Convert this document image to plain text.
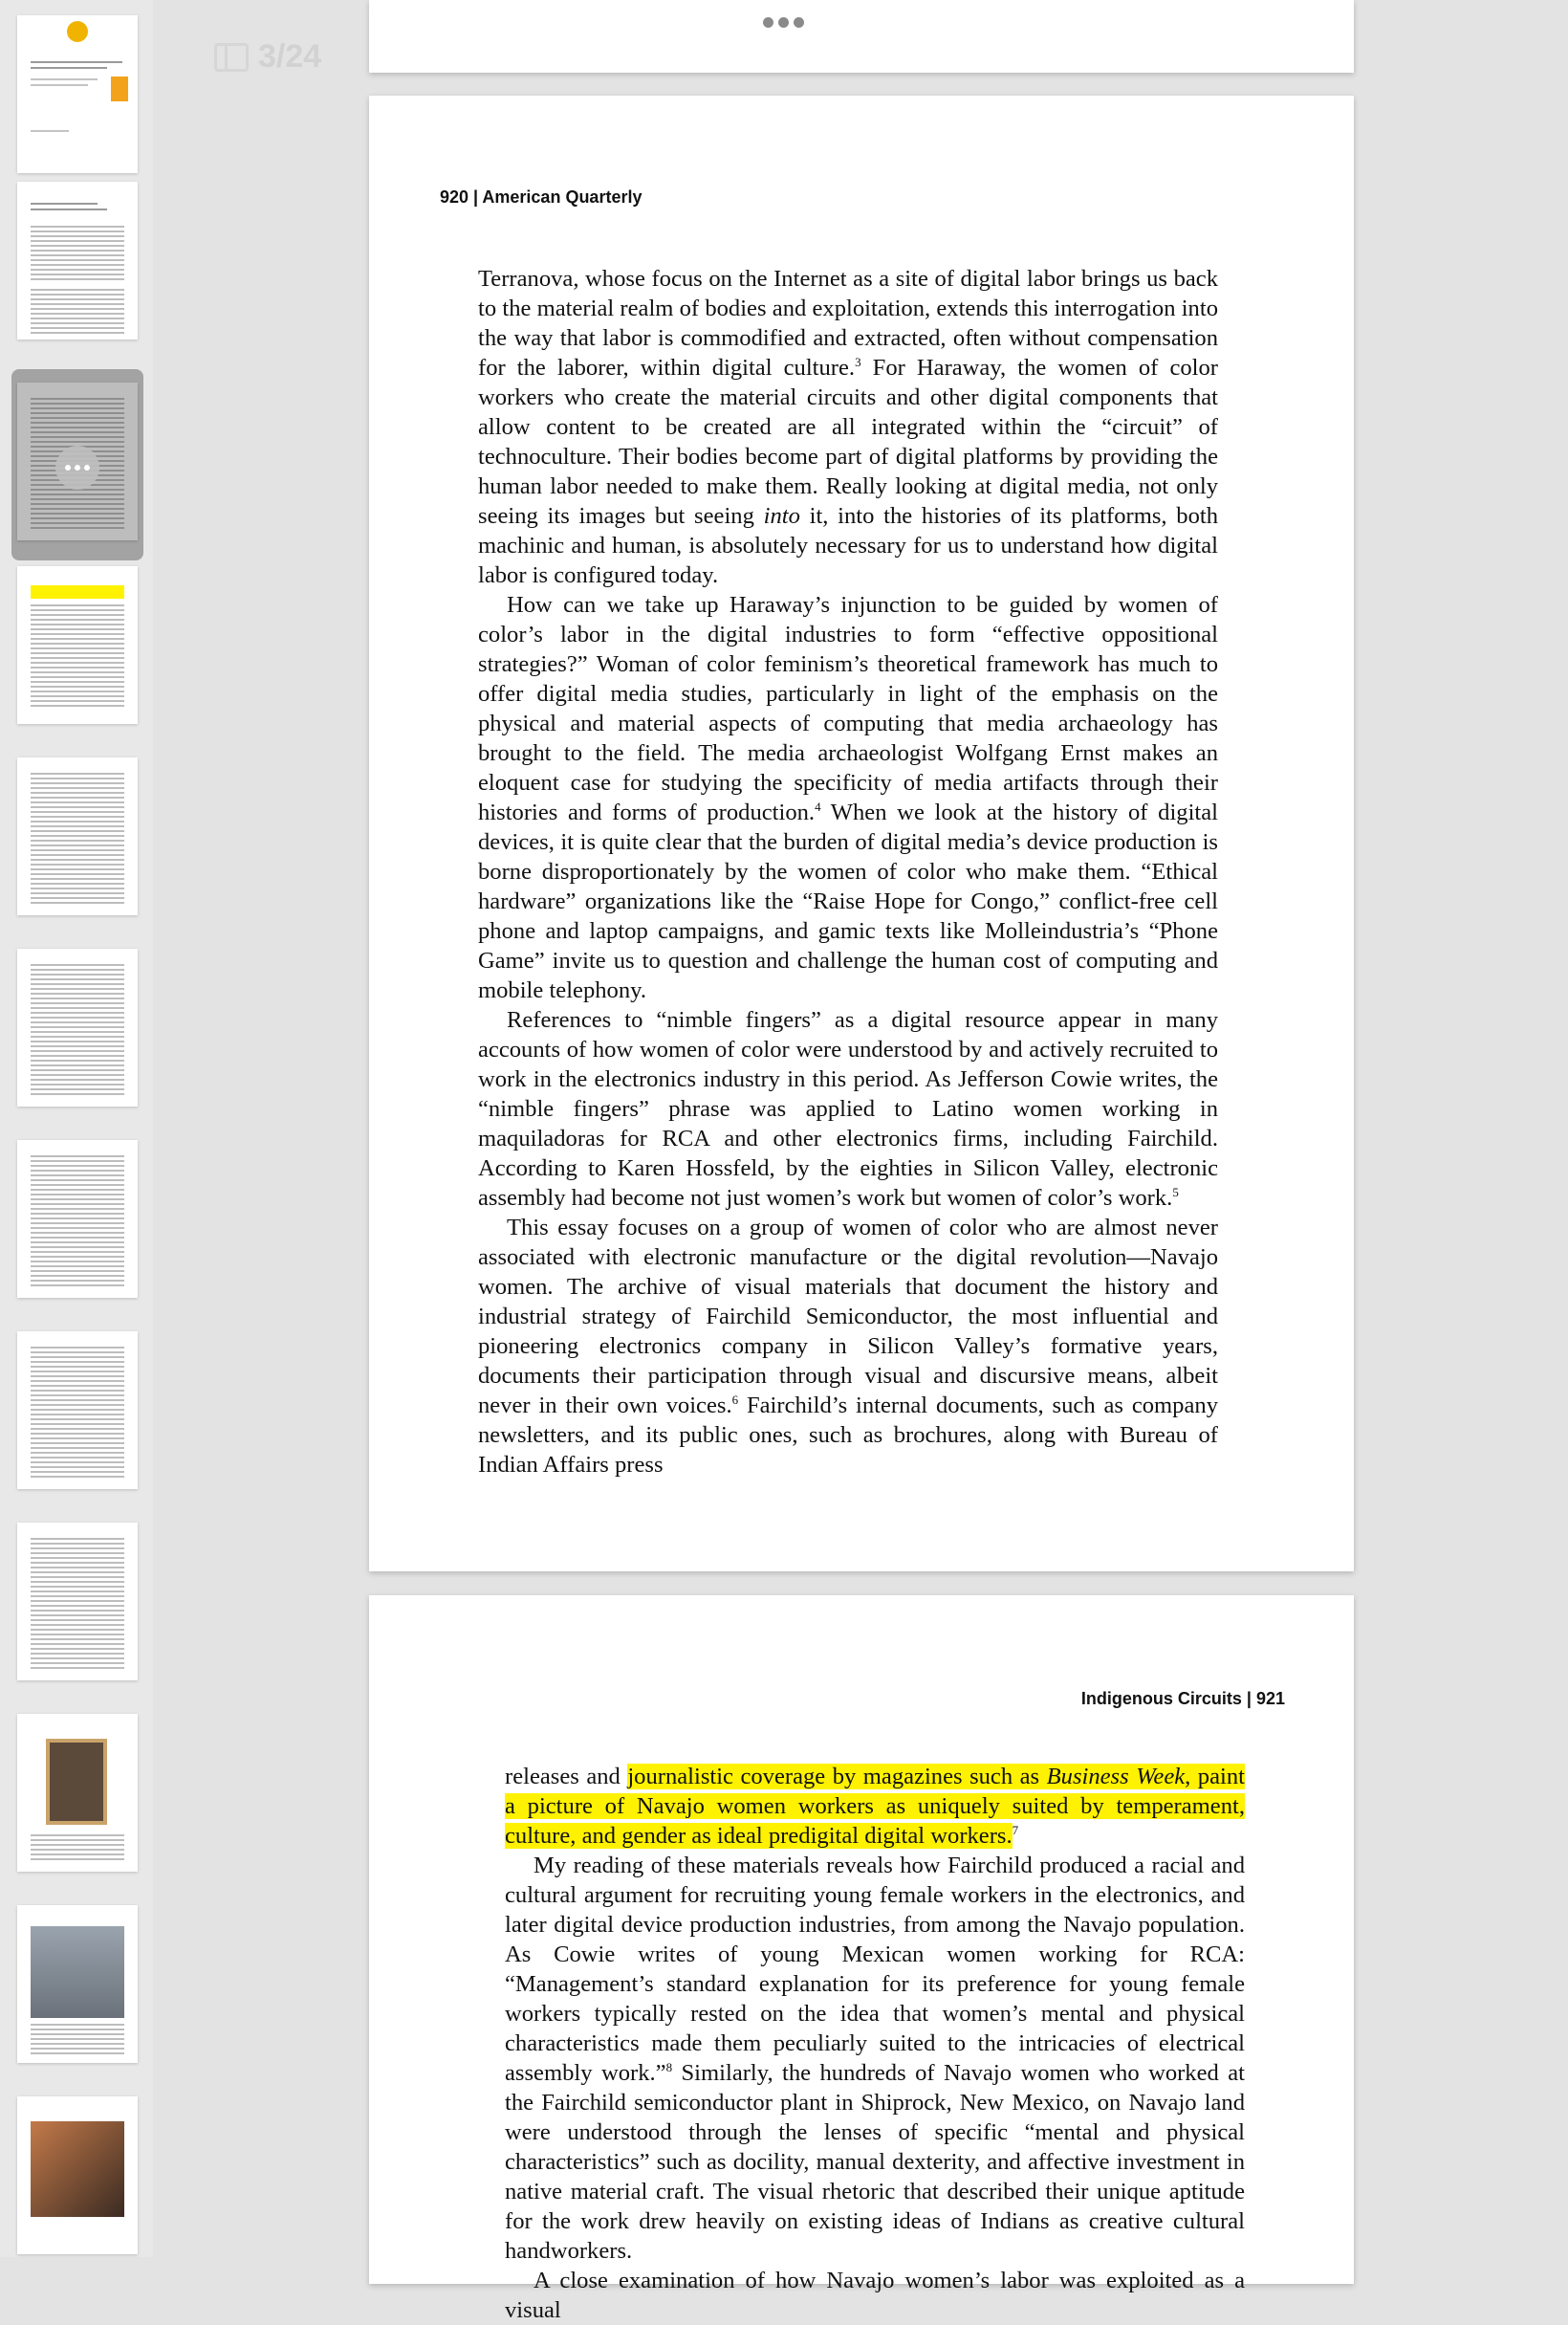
3/24
920 | American Quarterly

Terranova, whose focus on the Internet as a site of digital labor brings us back to the material realm of bodies and exploitation, extends this interrogation into the way that labor is commodified and extracted, often without compensation for the laborer, within digital culture.$^3$ For Haraway, the women of color workers who create the material circuits and other digital components that allow content to be created are all integrated within the “circuit” of technoculture. Their bodies become part of digital platforms by providing the human labor needed to make them. Really looking at digital media, not only seeing its images but seeing into it, into the histories of its platforms, both machinic and human, is absolutely necessary for us to understand how digital labor is configured today.

How can we take up Haraway’s injunction to be guided by women of color’s labor in the digital industries to form “effective oppositional strategies?” Woman of color feminism’s theoretical framework has much to offer digital media studies, particularly in light of the emphasis on the physical and material aspects of computing that media archaeology has brought to the field. The media archaeologist Wolfgang Ernst makes an eloquent case for studying the specificity of media artifacts through their histories and forms of production.$^4$ When we look at the history of digital devices, it is quite clear that the burden of digital media’s device production is borne disproportionately by the women of color who make them. “Ethical hardware” organizations like the “Raise Hope for Congo,” conflict-free cell phone and laptop campaigns, and gamic texts like Molleindustria’s “Phone Game” invite us to question and challenge the human cost of computing and mobile telephony.

References to “nimble fingers” as a digital resource appear in many accounts of how women of color were understood by and actively recruited to work in the electronics industry in this period. As Jefferson Cowie writes, the “nimble fingers” phrase was applied to Latino women working in maquiladoras for RCA and other electronics firms, including Fairchild. According to Karen Hossfeld, by the eighties in Silicon Valley, electronic assembly had become not just women’s work but women of color’s work.$^5$

This essay focuses on a group of women of color who are almost never associated with electronic manufacture or the digital revolution—Navajo women. The archive of visual materials that document the history and industrial strategy of Fairchild Semiconductor, the most influential and pioneering electronics company in Silicon Valley’s formative years, documents their participation through visual and discursive means, albeit never in their own voices.$^6$ Fairchild’s internal documents, such as company newsletters, and its public ones, such as brochures, along with Bureau of Indian Affairs press

Indigenous Circuits | 921

releases and journalistic coverage by magazines such as Business Week, paint a picture of Navajo women workers as uniquely suited by temperament, culture, and gender as ideal predigital digital workers.$^7$

My reading of these materials reveals how Fairchild produced a racial and cultural argument for recruiting young female workers in the electronics, and later digital device production industries, from among the Navajo population. As Cowie writes of young Mexican women working for RCA: “Management’s standard explanation for its preference for young female workers typically rested on the idea that women’s mental and physical characteristics made them peculiarly suited to the intricacies of electrical assembly work.”$^8$ Similarly, the hundreds of Navajo women who worked at the Fairchild semiconductor plant in Shiprock, New Mexico, on Navajo land were understood through the lenses of specific “mental and physical characteristics” such as docility, manual dexterity, and affective investment in native material craft. The visual rhetoric that described their unique aptitude for the work drew heavily on existing ideas of Indians as creative cultural handworkers.

A close examination of how Navajo women’s labor was exploited as a visual
